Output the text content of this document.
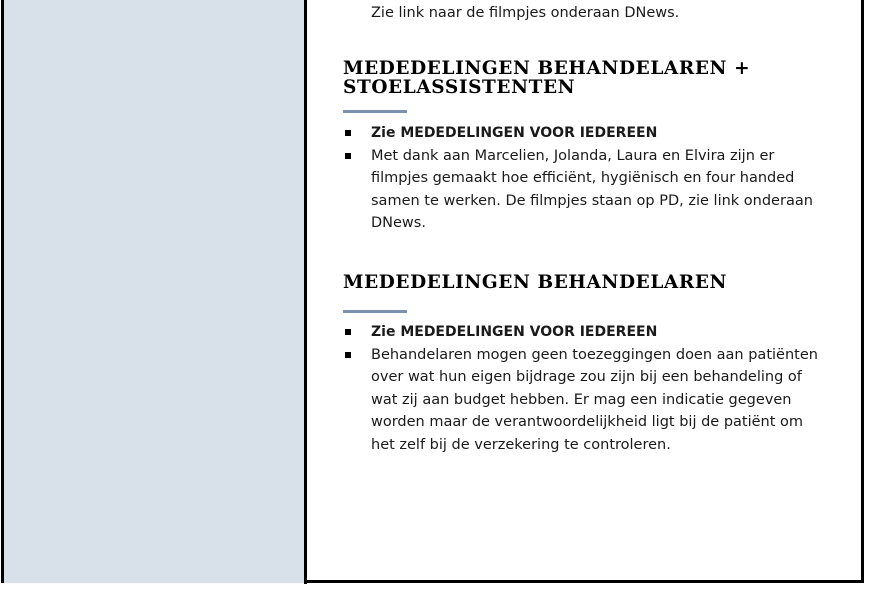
Zie link naar de filmpjes onderaan DNews.
MEDEDELINGEN BEHANDELAREN +
STOELASSISTENTEN
Zie MEDEDELINGEN VOOR IEDEREEN
Met dank aan Marcelien, Jolanda, Laura en Elvira zijn er filmpjes gemaakt hoe efficiënt, hygiënisch en four handed samen te werken. De filmpjes staan op PD, zie link onderaan DNews.
MEDEDELINGEN BEHANDELAREN
Zie MEDEDELINGEN VOOR IEDEREEN
Behandelaren mogen geen toezeggingen doen aan patiënten over wat hun eigen bijdrage zou zijn bij een behandeling of wat zij aan budget hebben. Er mag een indicatie gegeven worden maar de verantwoordelijkheid ligt bij de patiënt om het zelf bij de verzekering te controleren.
